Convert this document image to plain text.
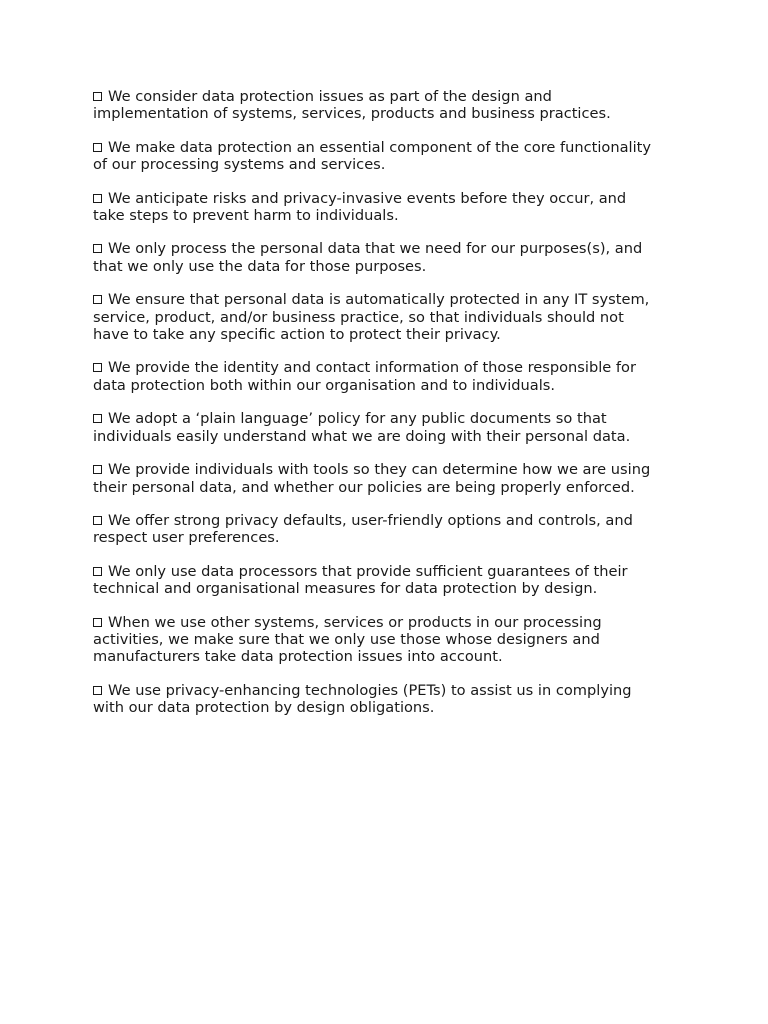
We consider data protection issues as part of the design and
implementation of systems, services, products and business practices.
We make data protection an essential component of the core functionality
of our processing systems and services.
We anticipate risks and privacy-invasive events before they occur, and
take steps to prevent harm to individuals.
We only process the personal data that we need for our purposes(s), and
that we only use the data for those purposes.
We ensure that personal data is automatically protected in any IT system,
service, product, and/or business practice, so that individuals should not
have to take any specific action to protect their privacy.
We provide the identity and contact information of those responsible for
data protection both within our organisation and to individuals.
We adopt a ‘plain language’ policy for any public documents so that
individuals easily understand what we are doing with their personal data.
We provide individuals with tools so they can determine how we are using
their personal data, and whether our policies are being properly enforced.
We offer strong privacy defaults, user-friendly options and controls, and
respect user preferences.
We only use data processors that provide sufficient guarantees of their
technical and organisational measures for data protection by design.
When we use other systems, services or products in our processing
activities, we make sure that we only use those whose designers and
manufacturers take data protection issues into account.
We use privacy-enhancing technologies (PETs) to assist us in complying
with our data protection by design obligations.
